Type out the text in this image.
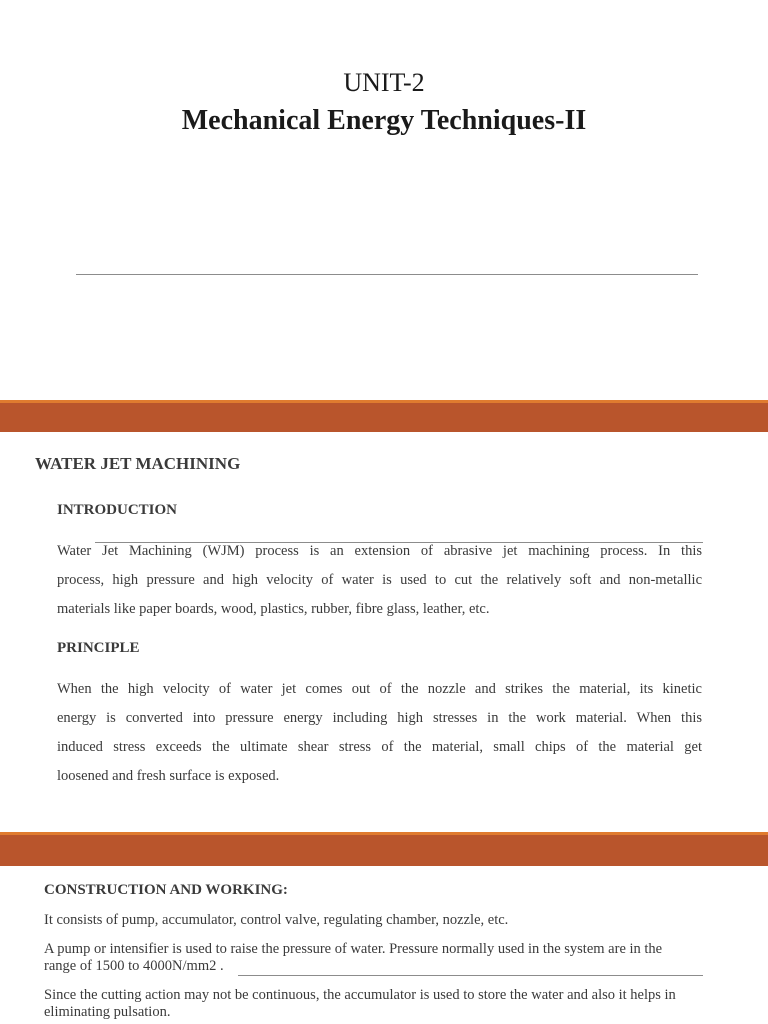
UNIT-2
Mechanical Energy Techniques-II
WATER JET MACHINING
INTRODUCTION
Water Jet Machining (WJM) process is an extension of abrasive jet machining process. In this
process, high pressure and high velocity of water is used to cut the relatively soft and non-metallic
materials like paper boards, wood, plastics, rubber, fibre glass, leather, etc.
PRINCIPLE
When the high velocity of water jet comes out of the nozzle and strikes the material, its kinetic
energy is converted into pressure energy including high stresses in the work material. When this
induced stress exceeds the ultimate shear stress of the material, small chips of the material get
loosened and fresh surface is exposed.
CONSTRUCTION AND WORKING:
It consists of pump, accumulator, control valve, regulating chamber, nozzle, etc.
A pump or intensifier is used to raise the pressure of water. Pressure normally used in the system are in the
range of 1500 to 4000N/mm2 .
Since the cutting action may not be continuous, the accumulator is used to store the water and also it helps in
eliminating pulsation.
